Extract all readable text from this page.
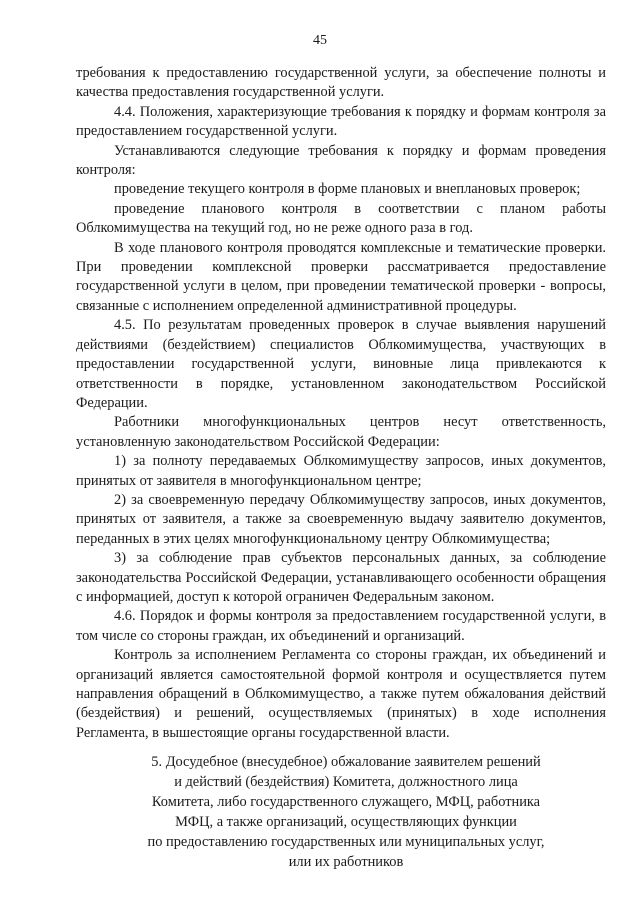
45

требования к предоставлению государственной услуги, за обеспечение полноты и качества предоставления государственной услуги.

4.4. Положения, характеризующие требования к порядку и формам контроля за предоставлением государственной услуги.

Устанавливаются следующие требования к порядку и формам проведения контроля:

проведение текущего контроля в форме плановых и внеплановых проверок;

проведение планового контроля в соответствии с планом работы Облкомимущества на текущий год, но не реже одного раза в год.

В ходе планового контроля проводятся комплексные и тематические проверки. При проведении комплексной проверки рассматривается предоставление государственной услуги в целом, при проведении тематической проверки - вопросы, связанные с исполнением определенной административной процедуры.

4.5. По результатам проведенных проверок в случае выявления нарушений действиями (бездействием) специалистов Облкомимущества, участвующих в предоставлении государственной услуги, виновные лица привлекаются к ответственности в порядке, установленном законодательством Российской Федерации.

Работники многофункциональных центров несут ответственность, установленную законодательством Российской Федерации:

1) за полноту передаваемых Облкомимуществу запросов, иных документов, принятых от заявителя в многофункциональном центре;

2) за своевременную передачу Облкомимуществу запросов, иных документов, принятых от заявителя, а также за своевременную выдачу заявителю документов, переданных в этих целях многофункциональному центру Облкомимущества;

3) за соблюдение прав субъектов персональных данных, за соблюдение законодательства Российской Федерации, устанавливающего особенности обращения с информацией, доступ к которой ограничен Федеральным законом.

4.6. Порядок и формы контроля за предоставлением государственной услуги, в том числе со стороны граждан, их объединений и организаций.

Контроль за исполнением Регламента со стороны граждан, их объединений и организаций является самостоятельной формой контроля и осуществляется путем направления обращений в Облкомимущество, а также путем обжалования действий (бездействия) и решений, осуществляемых (принятых) в ходе исполнения Регламента, в вышестоящие органы государственной власти.

5. Досудебное (внесудебное) обжалование заявителем решений
и действий (бездействия) Комитета, должностного лица
Комитета, либо государственного служащего, МФЦ, работника
МФЦ, а также организаций, осуществляющих функции
по предоставлению государственных или муниципальных услуг,
или их работников
